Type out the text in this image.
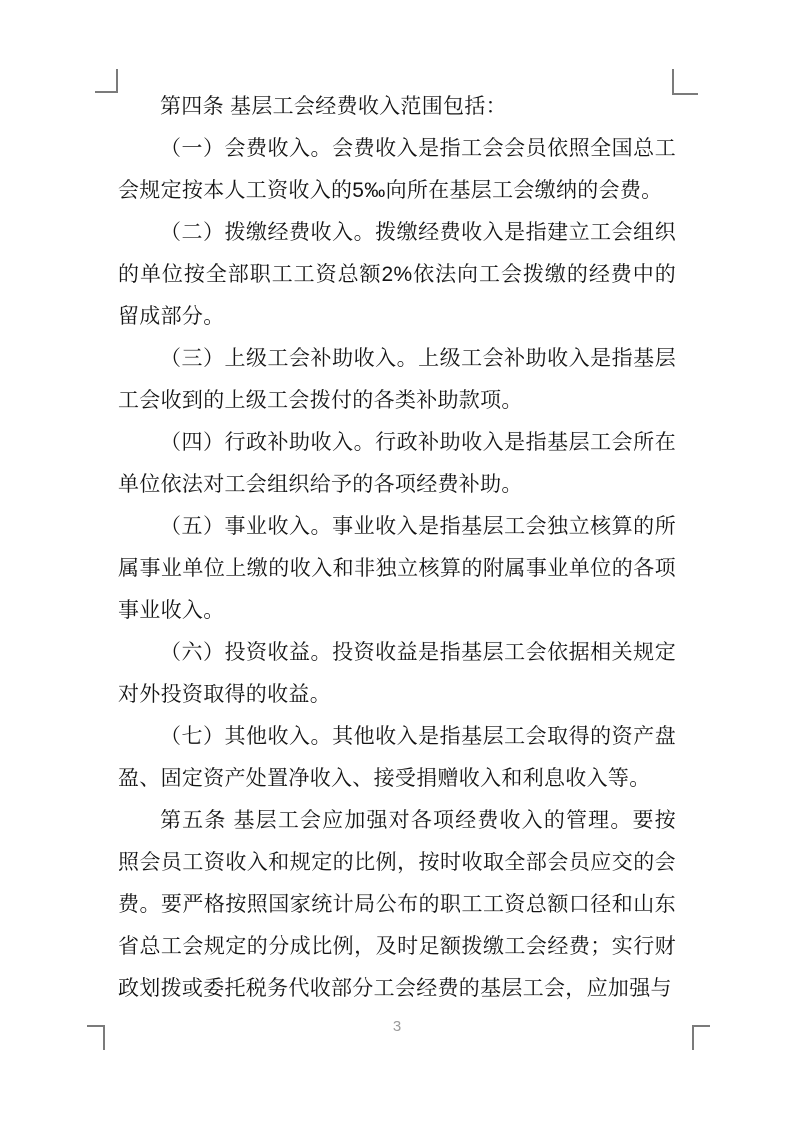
第四条 基层工会经费收入范围包括：

（一）会费收入。会费收入是指工会会员依照全国总工会规定按本人工资收入的5‰向所在基层工会缴纳的会费。

（二）拨缴经费收入。拨缴经费收入是指建立工会组织的单位按全部职工工资总额2%依法向工会拨缴的经费中的留成部分。

（三）上级工会补助收入。上级工会补助收入是指基层工会收到的上级工会拨付的各类补助款项。

（四）行政补助收入。行政补助收入是指基层工会所在单位依法对工会组织给予的各项经费补助。

（五）事业收入。事业收入是指基层工会独立核算的所属事业单位上缴的收入和非独立核算的附属事业单位的各项事业收入。

（六）投资收益。投资收益是指基层工会依据相关规定对外投资取得的收益。

（七）其他收入。其他收入是指基层工会取得的资产盘盈、固定资产处置净收入、接受捐赠收入和利息收入等。

第五条 基层工会应加强对各项经费收入的管理。要按照会员工资收入和规定的比例，按时收取全部会员应交的会费。要严格按照国家统计局公布的职工工资总额口径和山东省总工会规定的分成比例，及时足额拨缴工会经费；实行财政划拨或委托税务代收部分工会经费的基层工会，应加强与

3
